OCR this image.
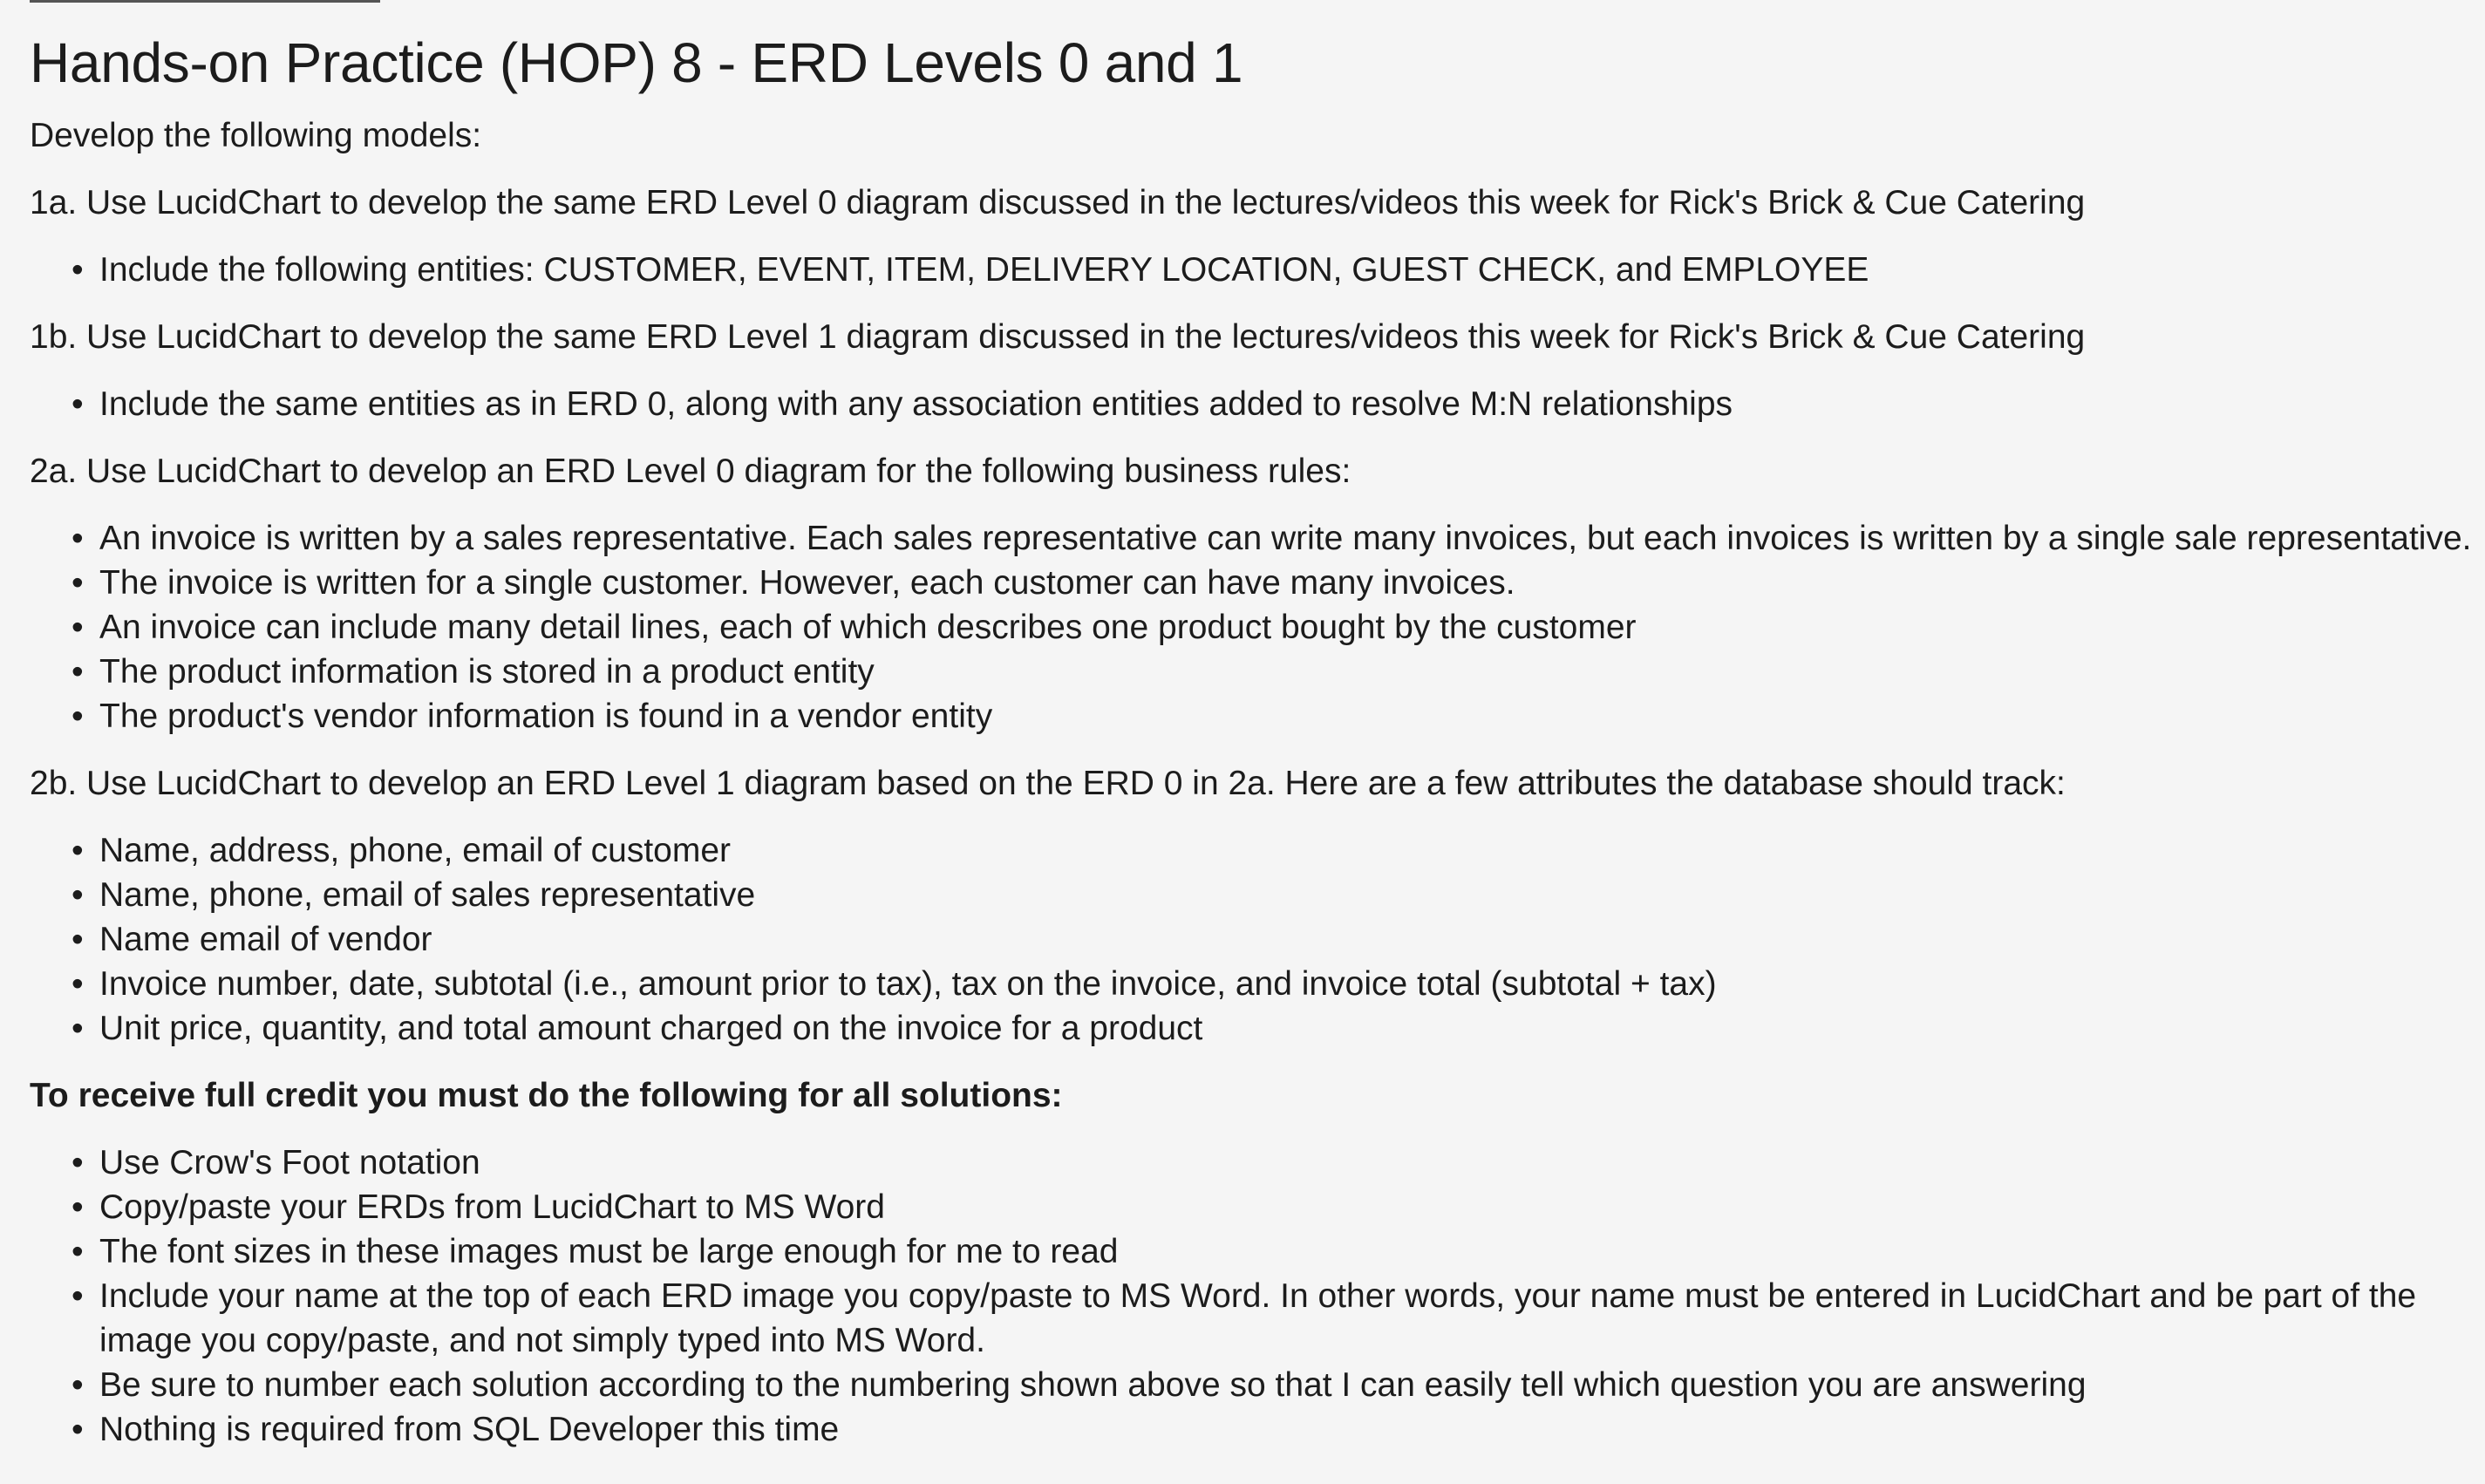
Hands-on Practice (HOP) 8 - ERD Levels 0 and 1

Develop the following models:

1a. Use LucidChart to develop the same ERD Level 0 diagram discussed in the lectures/videos this week for Rick's Brick & Cue Catering

• Include the following entities: CUSTOMER, EVENT, ITEM, DELIVERY LOCATION, GUEST CHECK, and EMPLOYEE

1b. Use LucidChart to develop the same ERD Level 1 diagram discussed in the lectures/videos this week for Rick's Brick & Cue Catering

• Include the same entities as in ERD 0, along with any association entities added to resolve M:N relationships

2a. Use LucidChart to develop an ERD Level 0 diagram for the following business rules:

• An invoice is written by a sales representative. Each sales representative can write many invoices, but each invoices is written by a single sale representative.
• The invoice is written for a single customer. However, each customer can have many invoices.
• An invoice can include many detail lines, each of which describes one product bought by the customer
• The product information is stored in a product entity
• The product's vendor information is found in a vendor entity

2b. Use LucidChart to develop an ERD Level 1 diagram based on the ERD 0 in 2a. Here are a few attributes the database should track:

• Name, address, phone, email of customer
• Name, phone, email of sales representative
• Name email of vendor
• Invoice number, date, subtotal (i.e., amount prior to tax), tax on the invoice, and invoice total (subtotal + tax)
• Unit price, quantity, and total amount charged on the invoice for a product

To receive full credit you must do the following for all solutions:

• Use Crow's Foot notation
• Copy/paste your ERDs from LucidChart to MS Word
• The font sizes in these images must be large enough for me to read
• Include your name at the top of each ERD image you copy/paste to MS Word. In other words, your name must be entered in LucidChart and be part of the image you copy/paste, and not simply typed into MS Word.
• Be sure to number each solution according to the numbering shown above so that I can easily tell which question you are answering
• Nothing is required from SQL Developer this time
